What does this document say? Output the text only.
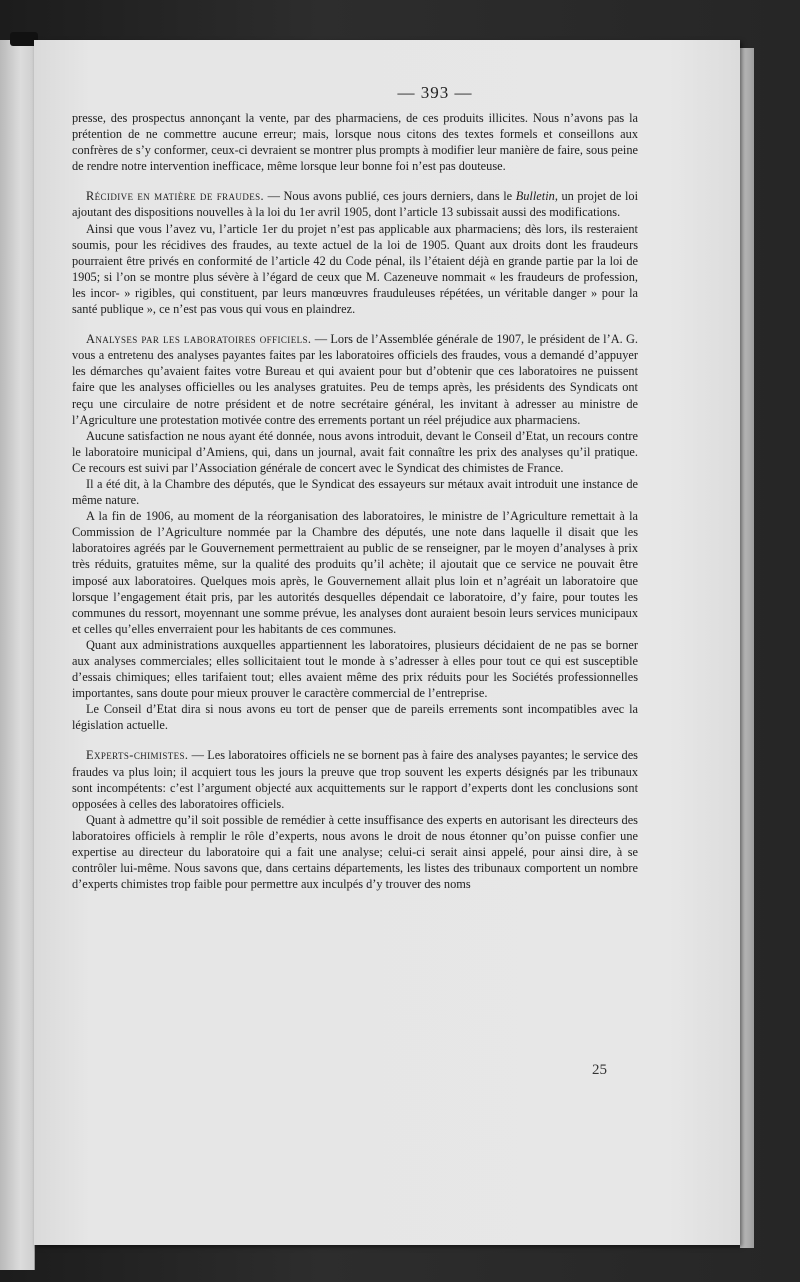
— 393 —

presse, des prospectus annonçant la vente, par des pharmaciens, de ces produits illicites. Nous n’avons pas la prétention de ne commettre aucune erreur; mais, lorsque nous citons des textes formels et conseillons aux confrères de s’y conformer, ceux-ci devraient se montrer plus prompts à modifier leur manière de faire, sous peine de rendre notre intervention inefficace, même lorsque leur bonne foi n’est pas douteuse.

Récidive en matière de fraudes. — Nous avons publié, ces jours derniers, dans le Bulletin, un projet de loi ajoutant des dispositions nouvelles à la loi du 1er avril 1905, dont l’article 13 subissait aussi des modifications.

Ainsi que vous l’avez vu, l’article 1er du projet n’est pas applicable aux pharmaciens; dès lors, ils resteraient soumis, pour les récidives des fraudes, au texte actuel de la loi de 1905. Quant aux droits dont les fraudeurs pourraient être privés en conformité de l’article 42 du Code pénal, ils l’étaient déjà en grande partie par la loi de 1905; si l’on se montre plus sévère à l’égard de ceux que M. Cazeneuve nommait « les fraudeurs de profession, les incor- » rigibles, qui constituent, par leurs manœuvres frauduleuses répétées, un véritable danger » pour la santé publique », ce n’est pas vous qui vous en plaindrez.

Analyses par les laboratoires officiels. — Lors de l’Assemblée générale de 1907, le président de l’A. G. vous a entretenu des analyses payantes faites par les laboratoires officiels des fraudes, vous a demandé d’appuyer les démarches qu’avaient faites votre Bureau et qui avaient pour but d’obtenir que ces laboratoires ne puissent faire que les analyses officielles ou les analyses gratuites. Peu de temps après, les présidents des Syndicats ont reçu une circulaire de notre président et de notre secrétaire général, les invitant à adresser au ministre de l’Agriculture une protestation motivée contre des errements portant un réel préjudice aux pharmaciens.

Aucune satisfaction ne nous ayant été donnée, nous avons introduit, devant le Conseil d’Etat, un recours contre le laboratoire municipal d’Amiens, qui, dans un journal, avait fait connaître les prix des analyses qu’il pratique. Ce recours est suivi par l’Association générale de concert avec le Syndicat des chimistes de France.

Il a été dit, à la Chambre des députés, que le Syndicat des essayeurs sur métaux avait introduit une instance de même nature.

A la fin de 1906, au moment de la réorganisation des laboratoires, le ministre de l’Agriculture remettait à la Commission de l’Agriculture nommée par la Chambre des députés, une note dans laquelle il disait que les laboratoires agréés par le Gouvernement permettraient au public de se renseigner, par le moyen d’analyses à prix très réduits, gratuites même, sur la qualité des produits qu’il achète; il ajoutait que ce service ne pouvait être imposé aux laboratoires. Quelques mois après, le Gouvernement allait plus loin et n’agréait un laboratoire que lorsque l’engagement était pris, par les autorités desquelles dépendait ce laboratoire, d’y faire, pour toutes les communes du ressort, moyennant une somme prévue, les analyses dont auraient besoin leurs services municipaux et celles qu’elles enverraient pour les habitants de ces communes.

Quant aux administrations auxquelles appartiennent les laboratoires, plusieurs décidaient de ne pas se borner aux analyses commerciales; elles sollicitaient tout le monde à s’adresser à elles pour tout ce qui est susceptible d’essais chimiques; elles tarifaient tout; elles avaient même des prix réduits pour les Sociétés professionnelles importantes, sans doute pour mieux prouver le caractère commercial de l’entreprise.

Le Conseil d’Etat dira si nous avons eu tort de penser que de pareils errements sont incompatibles avec la législation actuelle.

Experts-chimistes. — Les laboratoires officiels ne se bornent pas à faire des analyses payantes; le service des fraudes va plus loin; il acquiert tous les jours la preuve que trop souvent les experts désignés par les tribunaux sont incompétents: c’est l’argument objecté aux acquittements sur le rapport d’experts dont les conclusions sont opposées à celles des laboratoires officiels.

Quant à admettre qu’il soit possible de remédier à cette insuffisance des experts en autorisant les directeurs des laboratoires officiels à remplir le rôle d’experts, nous avons le droit de nous étonner qu’on puisse confier une expertise au directeur du laboratoire qui a fait une analyse; celui-ci serait ainsi appelé, pour ainsi dire, à se contrôler lui-même. Nous savons que, dans certains départements, les listes des tribunaux comportent un nombre d’experts chimistes trop faible pour permettre aux inculpés d’y trouver des noms

25
